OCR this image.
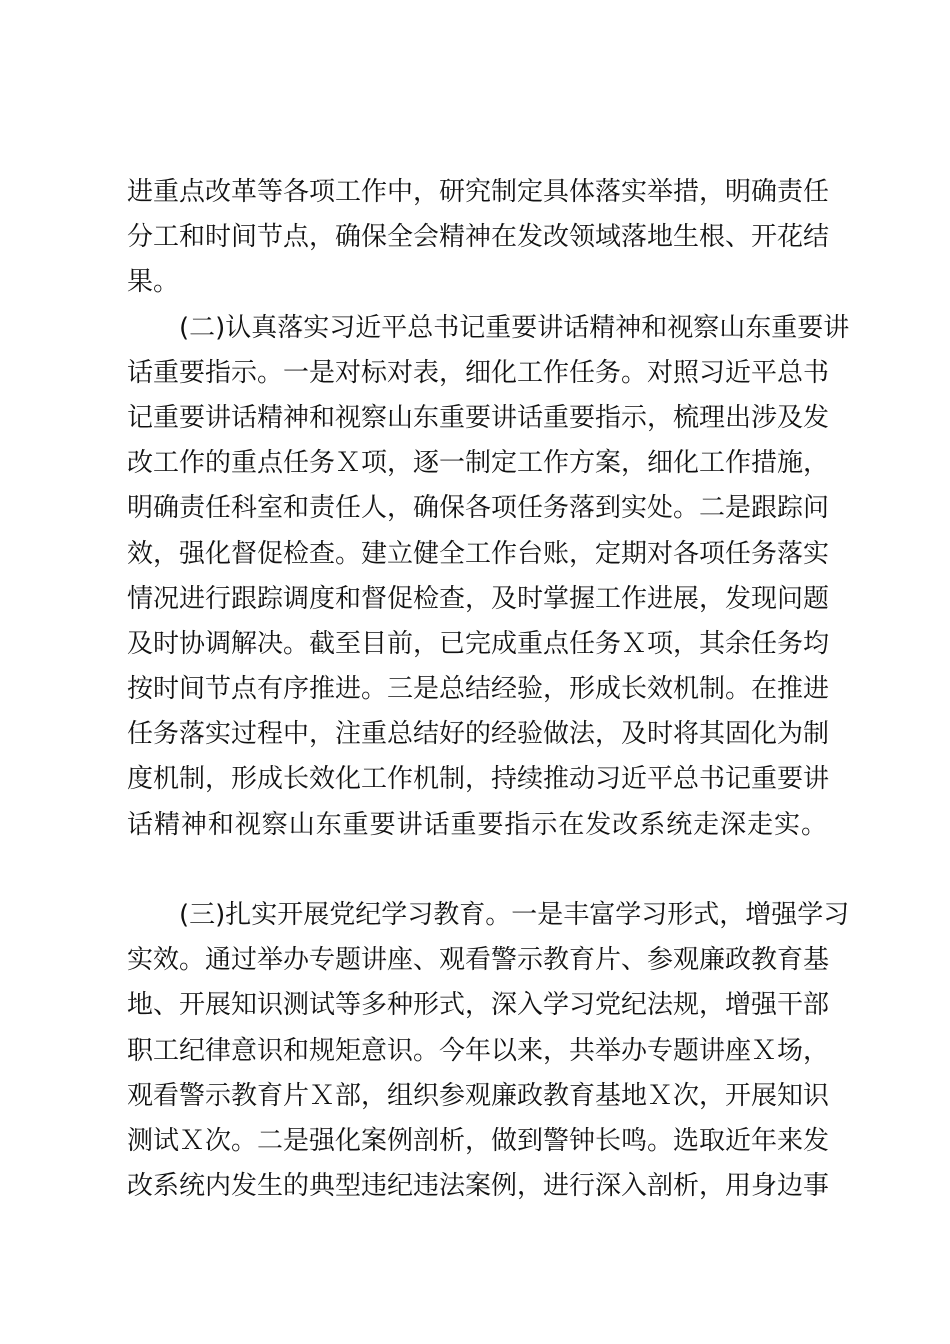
进重点改革等各项工作中，研究制定具体落实举措，明确责任
分工和时间节点，确保全会精神在发改领域落地生根、开花结
果。
(二)认真落实习近平总书记重要讲话精神和视察山东重要讲
话重要指示。一是对标对表，细化工作任务。对照习近平总书
记重要讲话精神和视察山东重要讲话重要指示，梳理出涉及发
改工作的重点任务Ｘ项，逐一制定工作方案，细化工作措施，
明确责任科室和责任人，确保各项任务落到实处。二是跟踪问
效，强化督促检查。建立健全工作台账，定期对各项任务落实
情况进行跟踪调度和督促检查，及时掌握工作进展，发现问题
及时协调解决。截至目前，已完成重点任务Ｘ项，其余任务均
按时间节点有序推进。三是总结经验，形成长效机制。在推进
任务落实过程中，注重总结好的经验做法，及时将其固化为制
度机制，形成长效化工作机制，持续推动习近平总书记重要讲
话精神和视察山东重要讲话重要指示在发改系统走深走实。
(三)扎实开展党纪学习教育。一是丰富学习形式，增强学习
实效。通过举办专题讲座、观看警示教育片、参观廉政教育基
地、开展知识测试等多种形式，深入学习党纪法规，增强干部
职工纪律意识和规矩意识。今年以来，共举办专题讲座Ｘ场，
观看警示教育片Ｘ部，组织参观廉政教育基地Ｘ次，开展知识
测试Ｘ次。二是强化案例剖析，做到警钟长鸣。选取近年来发
改系统内发生的典型违纪违法案例，进行深入剖析，用身边事
